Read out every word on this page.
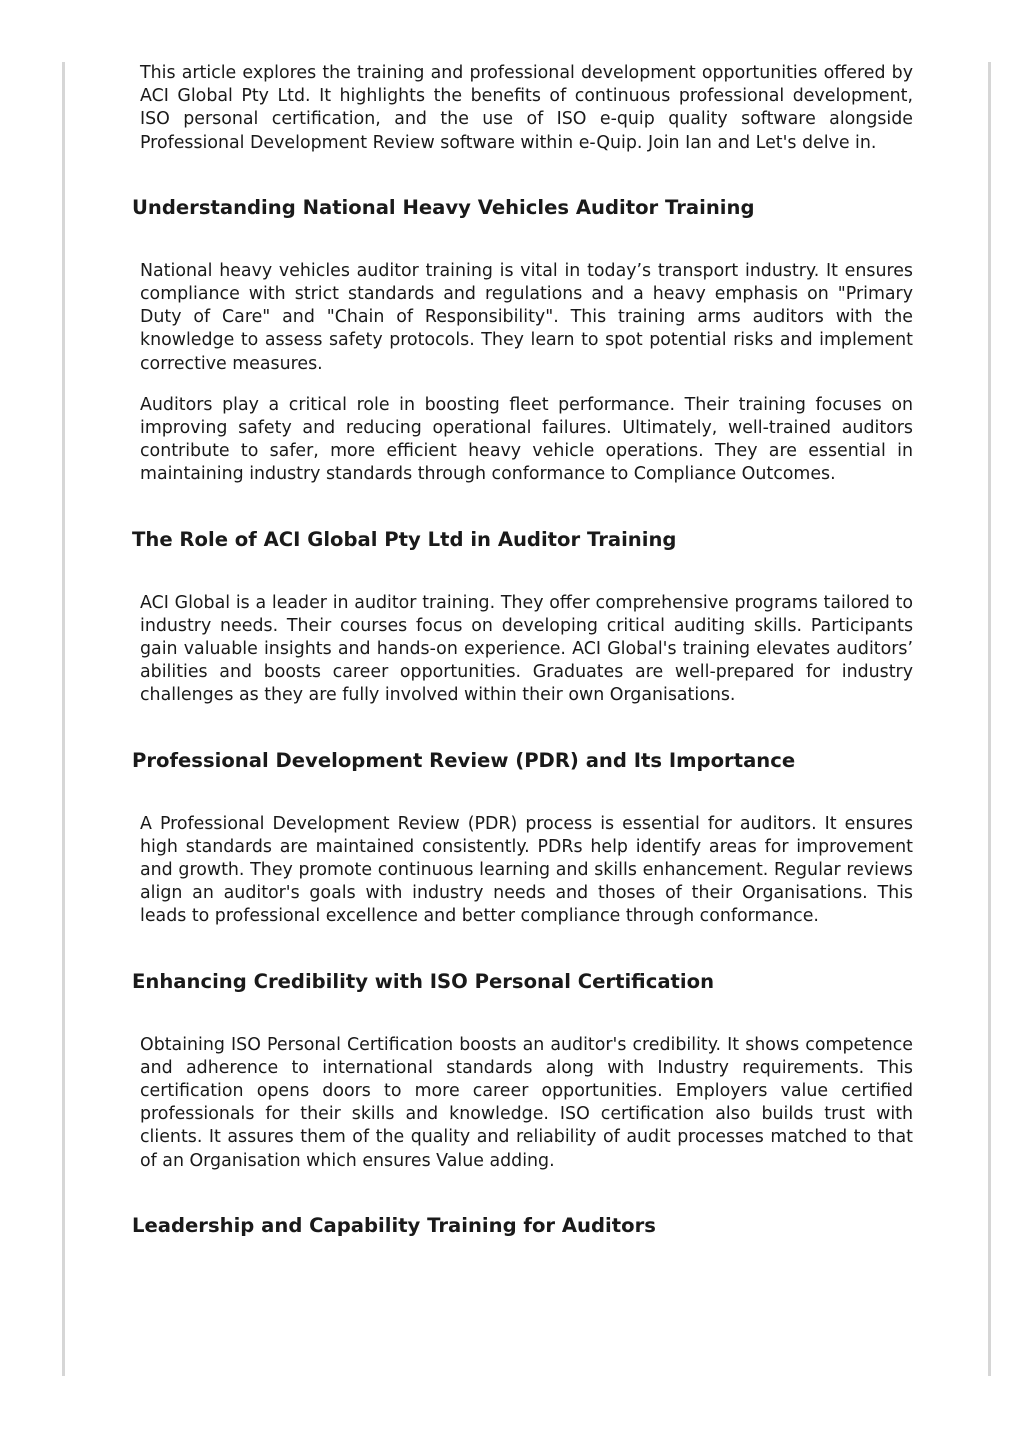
This article explores the training and professional development opportunities offered by ACI Global Pty Ltd. It highlights the benefits of continuous professional development, ISO personal certification, and the use of ISO e-quip quality software alongside Professional Development Review software within e-Quip. Join Ian and Let's delve in.

Understanding National Heavy Vehicles Auditor Training

National heavy vehicles auditor training is vital in today’s transport industry. It ensures compliance with strict standards and regulations and a heavy emphasis on "Primary Duty of Care" and "Chain of Responsibility". This training arms auditors with the knowledge to assess safety protocols. They learn to spot potential risks and implement corrective measures.

Auditors play a critical role in boosting fleet performance. Their training focuses on improving safety and reducing operational failures. Ultimately, well-trained auditors contribute to safer, more efficient heavy vehicle operations. They are essential in maintaining industry standards through conformance to Compliance Outcomes.

The Role of ACI Global Pty Ltd in Auditor Training

ACI Global is a leader in auditor training. They offer comprehensive programs tailored to industry needs. Their courses focus on developing critical auditing skills. Participants gain valuable insights and hands-on experience. ACI Global's training elevates auditors’ abilities and boosts career opportunities. Graduates are well-prepared for industry challenges as they are fully involved within their own Organisations.

Professional Development Review (PDR) and Its Importance

A Professional Development Review (PDR) process is essential for auditors. It ensures high standards are maintained consistently. PDRs help identify areas for improvement and growth. They promote continuous learning and skills enhancement. Regular reviews align an auditor's goals with industry needs and thoses of their Organisations. This leads to professional excellence and better compliance through conformance.

Enhancing Credibility with ISO Personal Certification

Obtaining ISO Personal Certification boosts an auditor's credibility. It shows competence and adherence to international standards along with Industry requirements. This certification opens doors to more career opportunities. Employers value certified professionals for their skills and knowledge. ISO certification also builds trust with clients. It assures them of the quality and reliability of audit processes matched to that of an Organisation which ensures Value adding.

Leadership and Capability Training for Auditors
